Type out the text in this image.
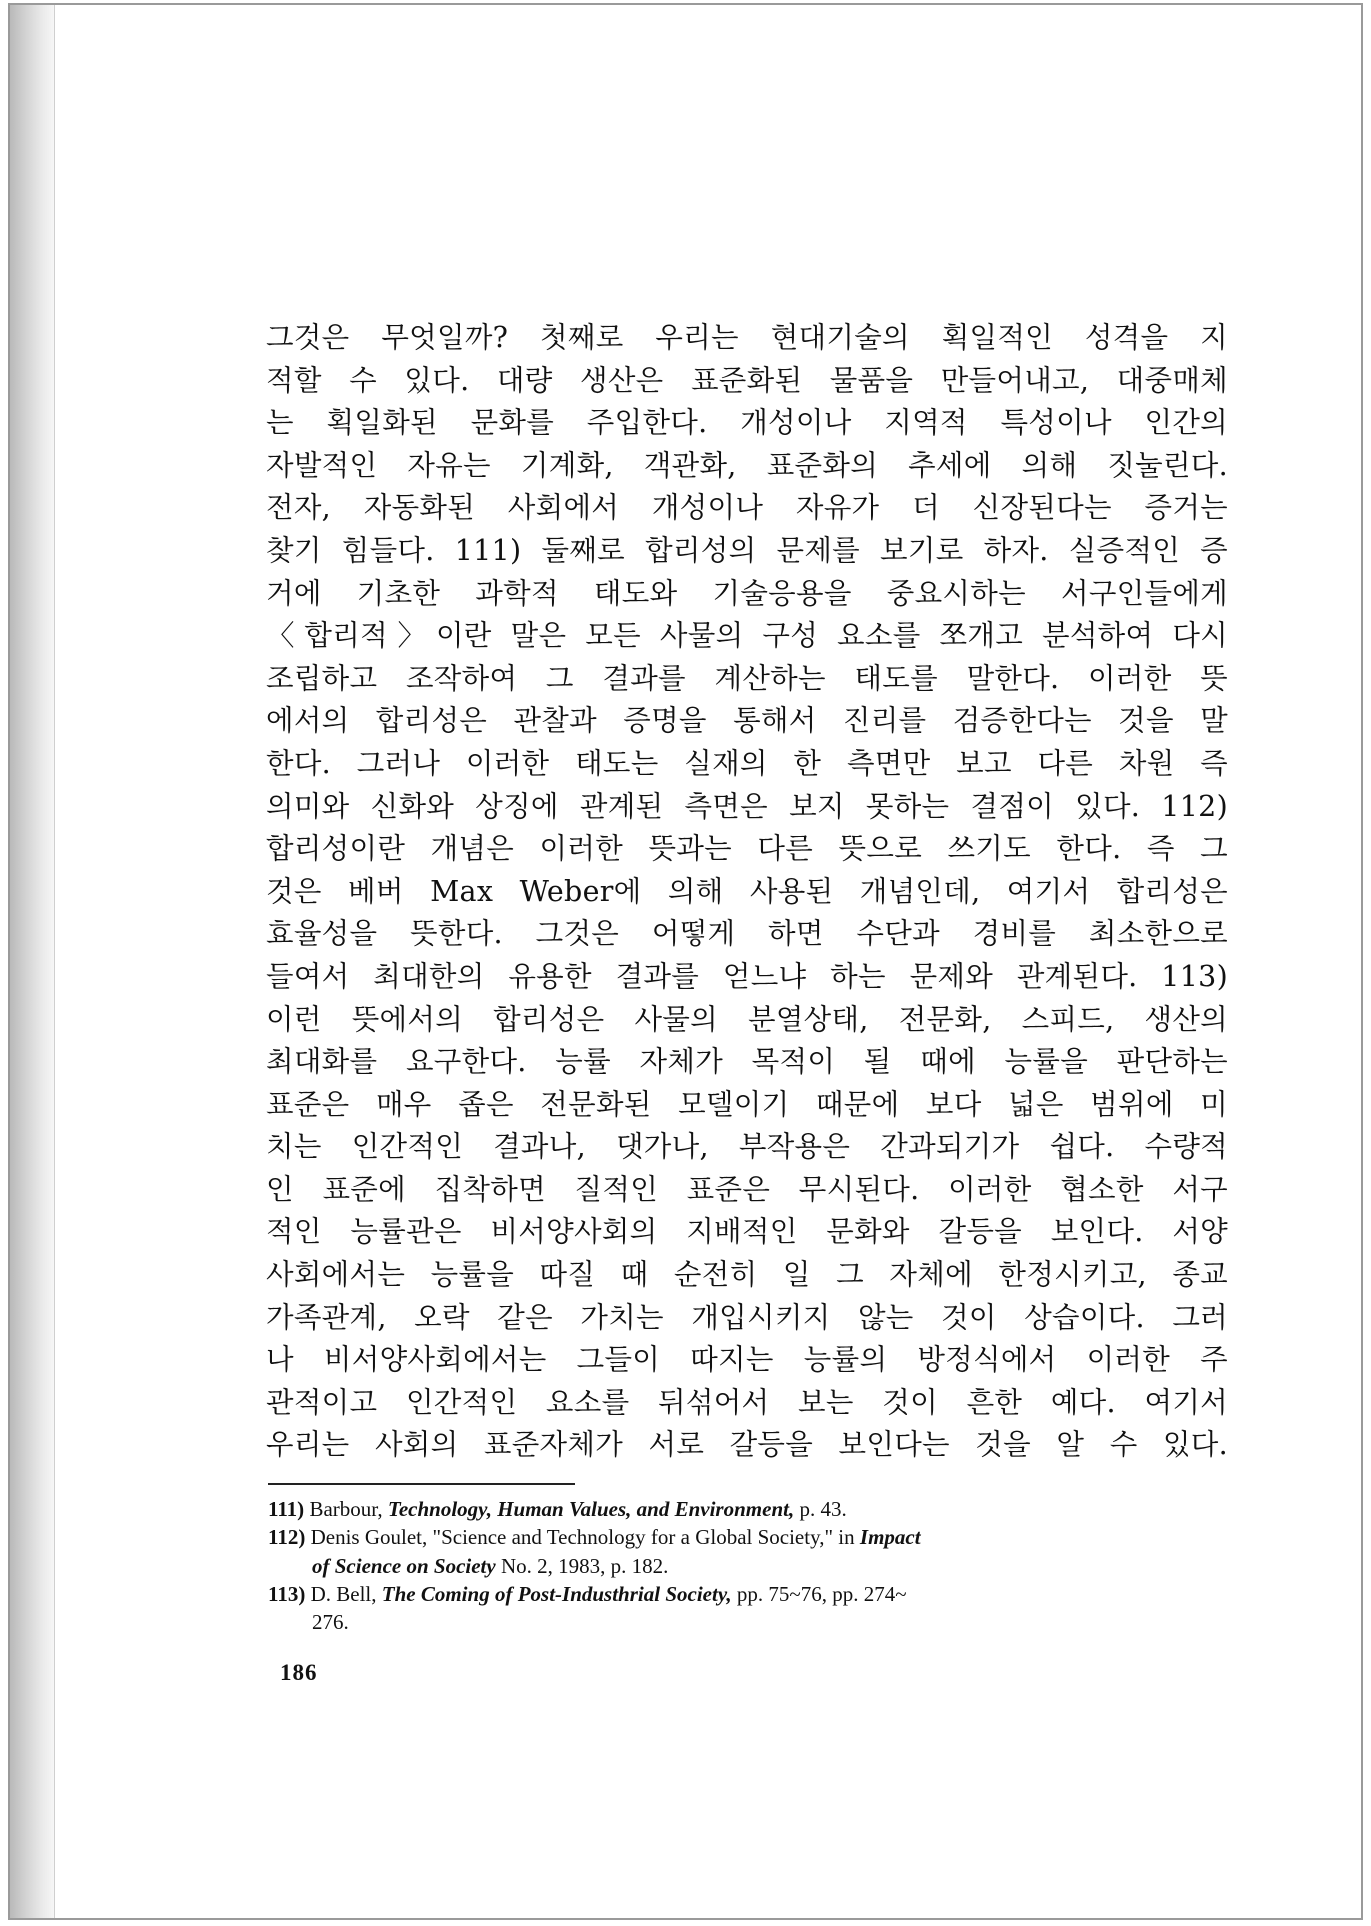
그것은 무엇일까? 첫째로 우리는 현대기술의 획일적인 성격을 지
적할 수 있다. 대량 생산은 표준화된 물품을 만들어내고, 대중매체
는 획일화된 문화를 주입한다. 개성이나 지역적 특성이나 인간의
자발적인 자유는 기계화, 객관화, 표준화의 추세에 의해 짓눌린다.
전자, 자동화된 사회에서 개성이나 자유가 더 신장된다는 증거는
찾기 힘들다. 111) 둘째로 합리성의 문제를 보기로 하자. 실증적인 증
거에 기초한 과학적 태도와 기술응용을 중요시하는 서구인들에게
〈합리적〉이란 말은 모든 사물의 구성 요소를 쪼개고 분석하여 다시
조립하고 조작하여 그 결과를 계산하는 태도를 말한다. 이러한 뜻
에서의 합리성은 관찰과 증명을 통해서 진리를 검증한다는 것을 말
한다. 그러나 이러한 태도는 실재의 한 측면만 보고 다른 차원 즉
의미와 신화와 상징에 관계된 측면은 보지 못하는 결점이 있다. 112)
합리성이란 개념은 이러한 뜻과는 다른 뜻으로 쓰기도 한다. 즉 그
것은 베버 Max Weber에 의해 사용된 개념인데, 여기서 합리성은
효율성을 뜻한다. 그것은 어떻게 하면 수단과 경비를 최소한으로
들여서 최대한의 유용한 결과를 얻느냐 하는 문제와 관계된다. 113)
이런 뜻에서의 합리성은 사물의 분열상태, 전문화, 스피드, 생산의
최대화를 요구한다. 능률 자체가 목적이 될 때에 능률을 판단하는
표준은 매우 좁은 전문화된 모델이기 때문에 보다 넓은 범위에 미
치는 인간적인 결과나, 댓가나, 부작용은 간과되기가 쉽다. 수량적
인 표준에 집착하면 질적인 표준은 무시된다. 이러한 협소한 서구
적인 능률관은 비서양사회의 지배적인 문화와 갈등을 보인다. 서양
사회에서는 능률을 따질 때 순전히 일 그 자체에 한정시키고, 종교
가족관계, 오락 같은 가치는 개입시키지 않는 것이 상습이다. 그러
나 비서양사회에서는 그들이 따지는 능률의 방정식에서 이러한 주
관적이고 인간적인 요소를 뒤섞어서 보는 것이 흔한 예다. 여기서
우리는 사회의 표준자체가 서로 갈등을 보인다는 것을 알 수 있다.
111) Barbour, Technology, Human Values, and Environment, p. 43.
112) Denis Goulet, "Science and Technology for a Global Society," in Impact
of Science on Society No. 2, 1983, p. 182.
113) D. Bell, The Coming of Post-Industhrial Society, pp. 75~76, pp. 274~
276.
186
